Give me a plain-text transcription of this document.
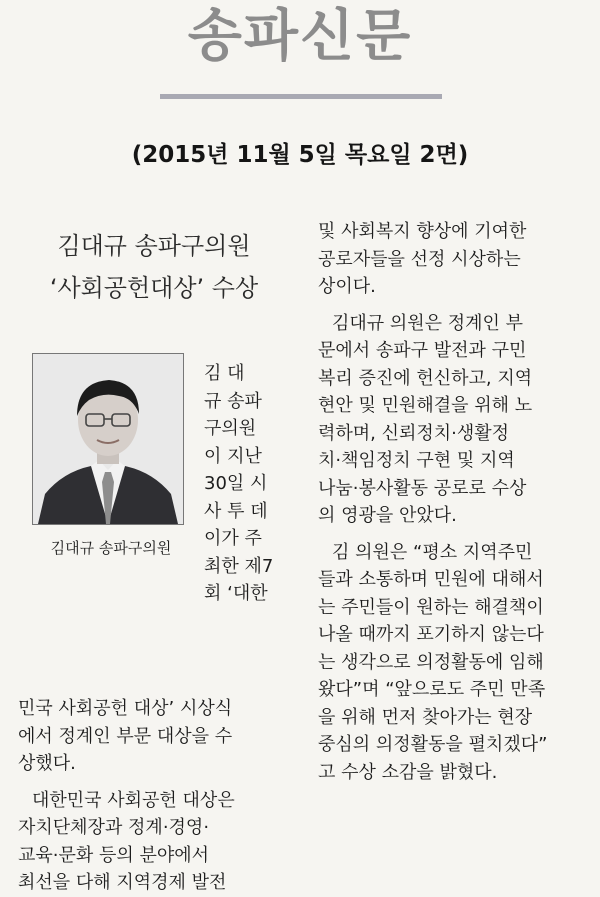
송파신문
(2015년 11월 5일 목요일 2면)

김대규 송파구의원

‘사회공헌대상’ 수상

김대규 송파구의원

김 대

규 송파

구의원

이 지난

30일 시

사 투 데

이가 주

최한 제7

회 ‘대한

민국 사회공헌 대상’ 시상식

에서 정계인 부문 대상을 수

상했다.

대한민국 사회공헌 대상은

자치단체장과 정계·경영·

교육·문화 등의 분야에서

최선을 다해 지역경제 발전

및 사회복지 향상에 기여한

공로자들을 선정 시상하는

상이다.

김대규 의원은 정계인 부

문에서 송파구 발전과 구민

복리 증진에 헌신하고, 지역

현안 및 민원해결을 위해 노

력하며, 신뢰정치·생활정

치·책임정치 구현 및 지역

나눔·봉사활동 공로로 수상

의 영광을 안았다.

김 의원은 “평소 지역주민

들과 소통하며 민원에 대해서

는 주민들이 원하는 해결책이

나올 때까지 포기하지 않는다

는 생각으로 의정활동에 임해

왔다”며 “앞으로도 주민 만족

을 위해 먼저 찾아가는 현장

중심의 의정활동을 펼치겠다”

고 수상 소감을 밝혔다.
